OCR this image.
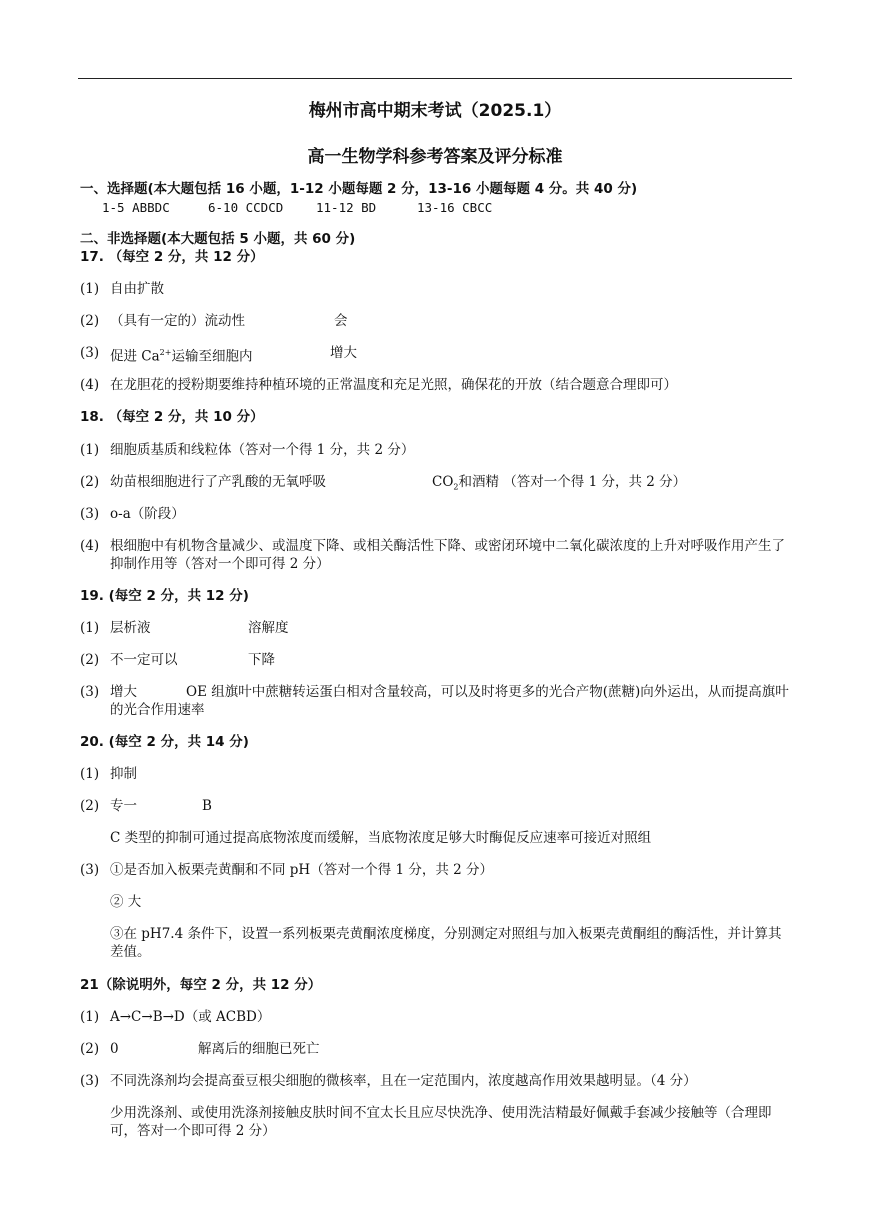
梅州市高中期末考试（2025.1）
高一生物学科参考答案及评分标准
一、选择题(本大题包括 16 小题，1-12 小题每题 2 分，13-16 小题每题 4 分。共 40 分)
1-5 ABBDC	6-10 CCDCD	11-12 BD	13-16 CBCC
二、非选择题(本大题包括 5 小题，共 60 分)
17. （每空 2 分，共 12 分）
(1) 自由扩散
(2) （具有一定的）流动性	会
(3) 促进 $Ca^{2+}$运输至细胞内	增大
(4) 在龙胆花的授粉期要维持种植环境的正常温度和充足光照，确保花的开放（结合题意合理即可）
18. （每空 2 分，共 10 分）
(1) 细胞质基质和线粒体（答对一个得 1 分，共 2 分）
(2) 幼苗根细胞进行了产乳酸的无氧呼吸	$CO_2$和酒精 （答对一个得 1 分，共 2 分）
(3) o-a（阶段）
(4) 根细胞中有机物含量减少、或温度下降、或相关酶活性下降、或密闭环境中二氧化碳浓度的上升对呼吸作用产生了抑制作用等（答对一个即可得 2 分）
19. (每空 2 分，共 12 分)
(1) 层析液	溶解度
(2) 不一定可以	下降
(3) 增大	OE 组旗叶中蔗糖转运蛋白相对含量较高，可以及时将更多的光合产物(蔗糖)向外运出，从而提高旗叶的光合作用速率
20. (每空 2 分，共 14 分)
(1) 抑制
(2) 专一	B
C 类型的抑制可通过提高底物浓度而缓解，当底物浓度足够大时酶促反应速率可接近对照组
(3) ①是否加入板栗壳黄酮和不同 pH（答对一个得 1 分，共 2 分）
② 大
③在 pH7.4 条件下，设置一系列板栗壳黄酮浓度梯度，分别测定对照组与加入板栗壳黄酮组的酶活性，并计算其差值。
21（除说明外，每空 2 分，共 12 分）
(1) A→C→B→D（或 ACBD）
(2) 0	解离后的细胞已死亡
(3) 不同洗涤剂均会提高蚕豆根尖细胞的微核率，且在一定范围内，浓度越高作用效果越明显。（4 分）
少用洗涤剂、或使用洗涤剂接触皮肤时间不宜太长且应尽快洗净、使用洗洁精最好佩戴手套减少接触等（合理即可，答对一个即可得 2 分）
